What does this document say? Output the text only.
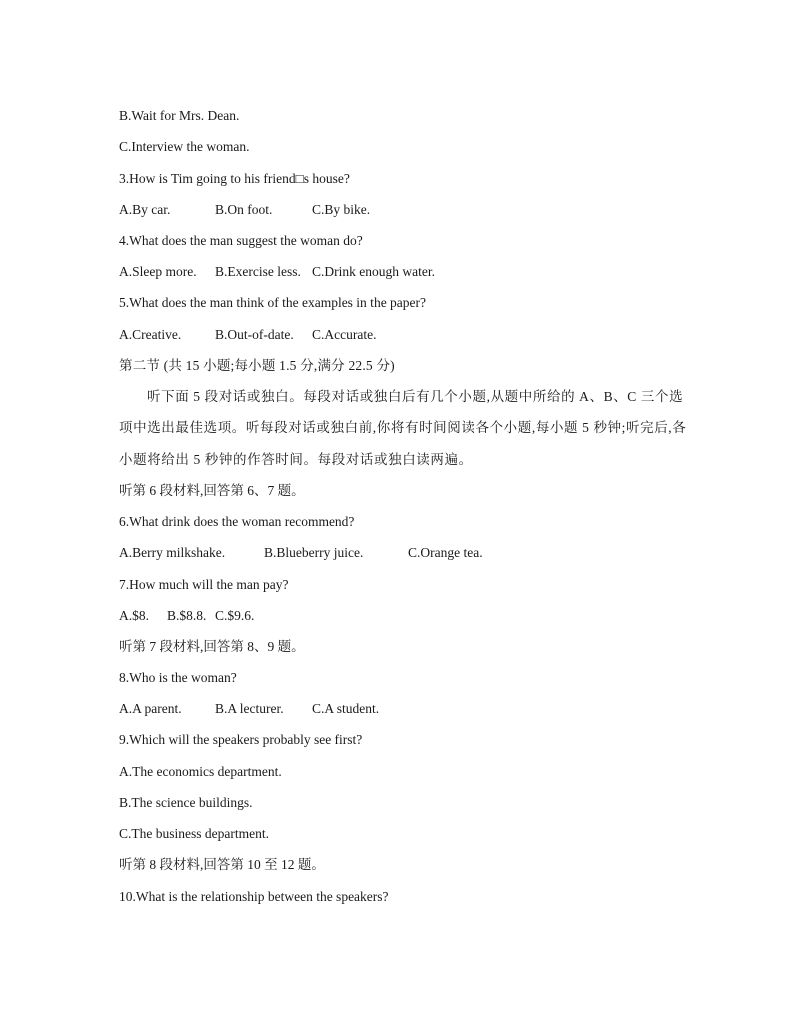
B.Wait for Mrs. Dean.
C.Interview the woman.
3.How is Tim going to his friend□s house?
A.By car.	B.On foot.	C.By bike.
4.What does the man suggest the woman do?
A.Sleep more. B.Exercise less. C.Drink enough water.
5.What does the man think of the examples in the paper?
A.Creative.	B.Out-of-date. C.Accurate.
第二节 (共 15 小题;每小题 1.5 分,满分 22.5 分)
听下面 5 段对话或独白。每段对话或独白后有几个小题,从题中所给的 A、B、C 三个选
项中选出最佳选项。听每段对话或独白前,你将有时间阅读各个小题,每小题 5 秒钟;听完后,各
小题将给出 5 秒钟的作答时间。每段对话或独白读两遍。
听第 6 段材料,回答第 6、7 题。
6.What drink does the woman recommend?
A.Berry milkshake.	B.Blueberry juice.	C.Orange tea.
7.How much will the man pay?
A.$8. B.$8.8. C.$9.6.
听第 7 段材料,回答第 8、9 题。
8.Who is the woman?
A.A parent. B.A lecturer. C.A student.
9.Which will the speakers probably see first?
A.The economics department.
B.The science buildings.
C.The business department.
听第 8 段材料,回答第 10 至 12 题。
10.What is the relationship between the speakers?
